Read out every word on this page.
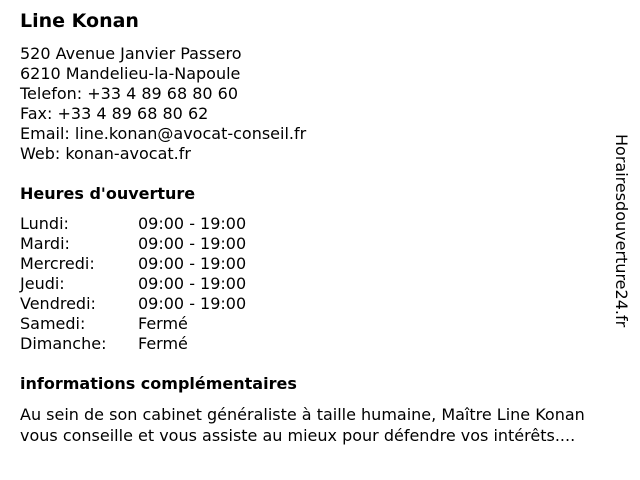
Line Konan
520 Avenue Janvier Passero
6210 Mandelieu-la-Napoule
Telefon: +33 4 89 68 80 60
Fax: +33 4 89 68 80 62
Email: line.konan@avocat-conseil.fr
Web: konan-avocat.fr
Heures d'ouverture
Lundi:	09:00 - 19:00
Mardi:	09:00 - 19:00
Mercredi:	09:00 - 19:00
Jeudi:	09:00 - 19:00
Vendredi:	09:00 - 19:00
Samedi:	Fermé
Dimanche:	Fermé
informations complémentaires
Au sein de son cabinet généraliste à taille humaine, Maître Line Konan
vous conseille et vous assiste au mieux pour défendre vos intérêts....
Horairesdouverture24.fr
